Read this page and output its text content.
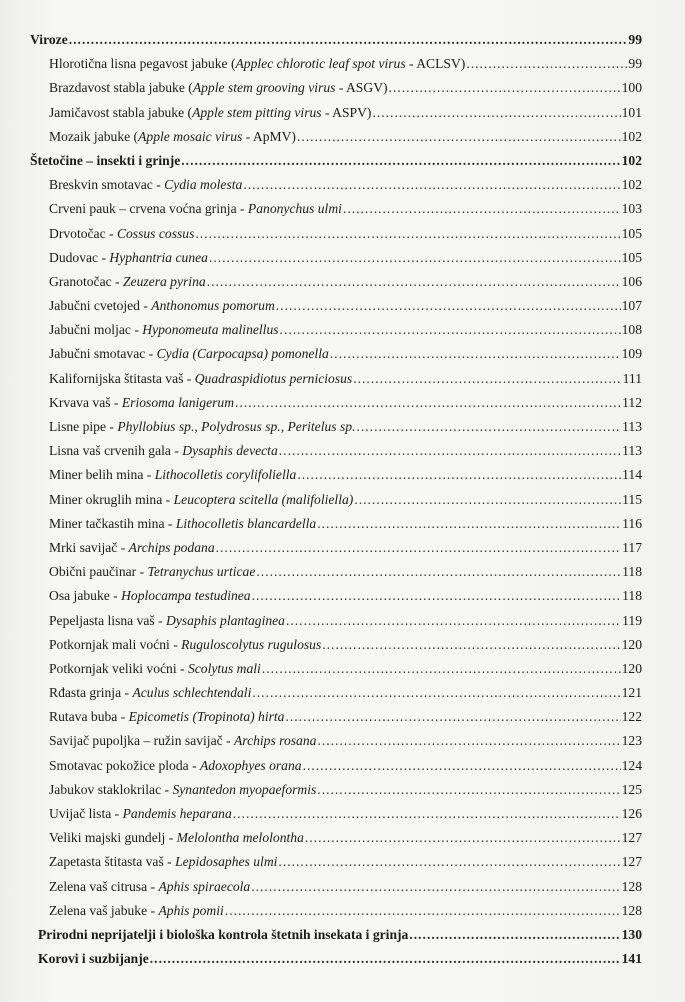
Viroze .....	99
Hlorotična lisna pegavost jabuke (Applec chlorotic leaf spot virus - ACLSV) .....	99
Brazdavost stabla jabuke (Apple stem grooving virus - ASGV) .....	100
Jamičavost stabla jabuke (Apple stem pitting virus - ASPV) .....	101
Mozaik jabuke (Apple mosaic virus - ApMV) .....	102
Štetočine – insekti i grinje .....	102
Breskvin smotavac - Cydia molesta .....	102
Crveni pauk – crvena voćna grinja - Panonychus ulmi .....	103
Drvotočac - Cossus cossus .....	105
Dudovac - Hyphantria cunea .....	105
Granotočac - Zeuzera pyrina .....	106
Jabučni cvetojed - Anthonomus pomorum .....	107
Jabučni moljac - Hyponomeuta malinellus .....	108
Jabučni smotavac - Cydia (Carpocapsa) pomonella .....	109
Kalifornijska štitasta vaš - Quadraspidiotus perniciosus .....	111
Krvava vaš - Eriosoma lanigerum .....	112
Lisne pipe - Phyllobius sp., Polydrosus sp., Peritelus sp. .....	113
Lisna vaš crvenih gala - Dysaphis devecta .....	113
Miner belih mina - Lithocolletis corylifoliella .....	114
Miner okruglih mina - Leucoptera scitella (malifoliella) .....	115
Miner tačkastih mina - Lithocolletis blancardella .....	116
Mrki savijač - Archips podana .....	117
Obični paučinar - Tetranychus urticae .....	118
Osa jabuke - Hoplocampa testudinea .....	118
Pepeljasta lisna vaš - Dysaphis plantaginea .....	119
Potkornjak mali voćni - Ruguloscolytus rugulosus .....	120
Potkornjak veliki voćni - Scolytus mali .....	120
Rđasta grinja - Aculus schlechtendali .....	121
Rutava buba - Epicometis (Tropinota) hirta .....	122
Savijač pupoljka – ružin savijač - Archips rosana .....	123
Smotavac pokožice ploda - Adoxophyes orana .....	124
Jabukov staklokrilac - Synantedon myopaeformis .....	125
Uvijač lista - Pandemis heparana .....	126
Veliki majski gundelj - Melolontha melolontha .....	127
Zapetasta štitasta vaš - Lepidosaphes ulmi .....	127
Zelena vaš citrusa - Aphis spiraecola .....	128
Zelena vaš jabuke - Aphis pomii .....	128
Prirodni neprijatelji i biološka kontrola štetnih insekata i grinja .....	130
Korovi i suzbijanje .....	141
